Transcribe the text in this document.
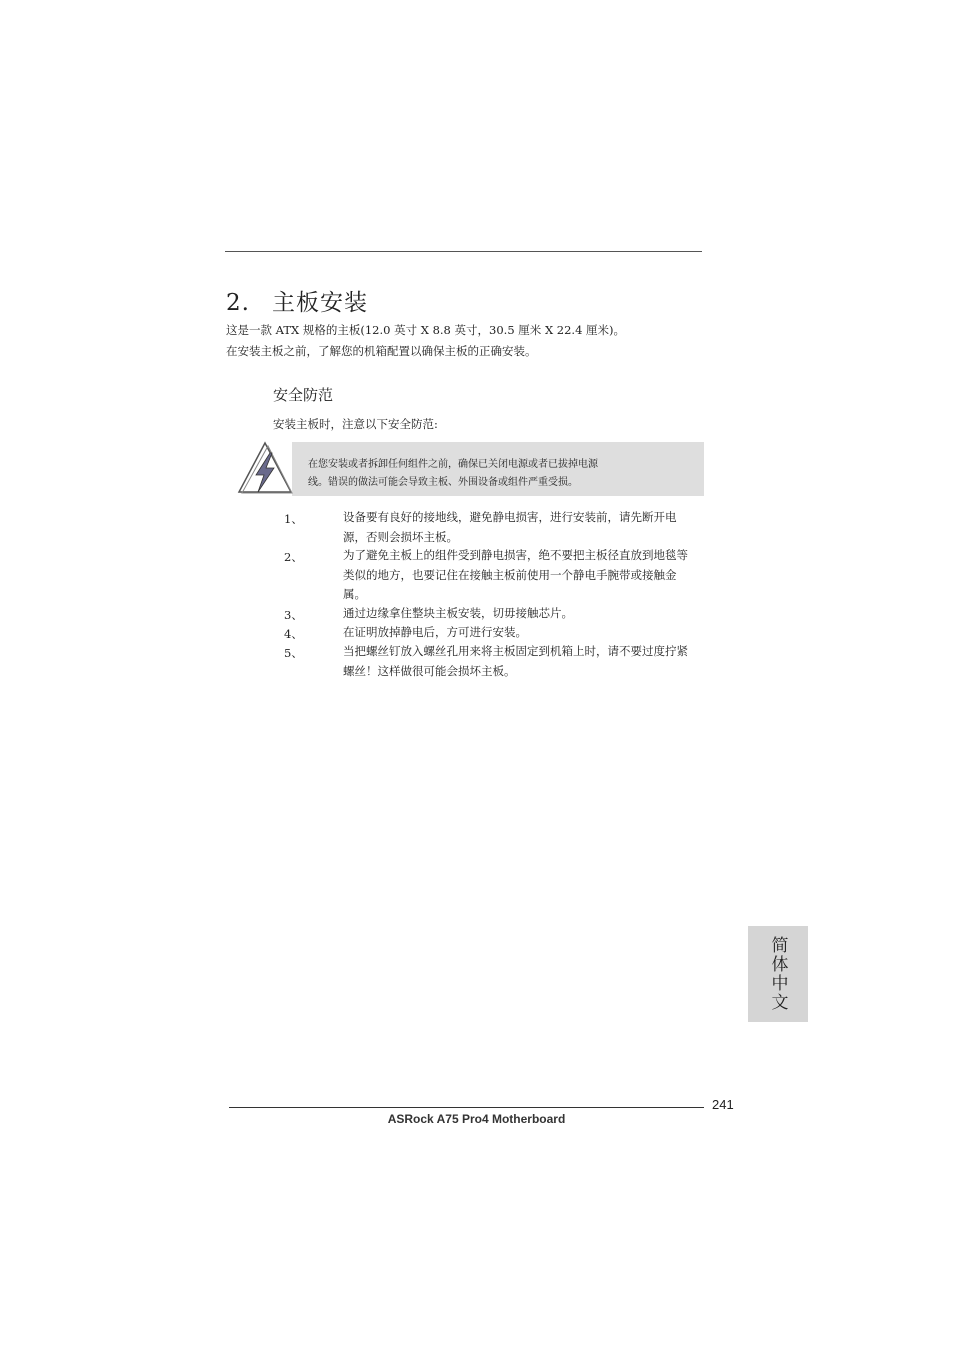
2. 主板安装
这是一款 ATX 规格的主板(12.0 英寸 X 8.8 英寸，30.5 厘米 X 22.4 厘米)。
在安装主板之前，了解您的机箱配置以确保主板的正确安装。
安全防范
安装主板时，注意以下安全防范:
在您安装或者拆卸任何组件之前，确保已关闭电源或者已拔掉电源
线。错误的做法可能会导致主板、外围设备或组件严重受损。
1、	设备要有良好的接地线，避免静电损害，进行安装前，请先断开电源，否则会损坏主板。
2、	为了避免主板上的组件受到静电损害，绝不要把主板径直放到地毯等类似的地方，也要记住在接触主板前使用一个静电手腕带或接触金属。
3、	通过边缘拿住整块主板安装，切毋接触芯片。
4、	在证明放掉静电后，方可进行安装。
5、	当把螺丝钉放入螺丝孔用来将主板固定到机箱上时，请不要过度拧紧螺丝！这样做很可能会损坏主板。
简体中文
241
ASRock A75 Pro4 Motherboard
